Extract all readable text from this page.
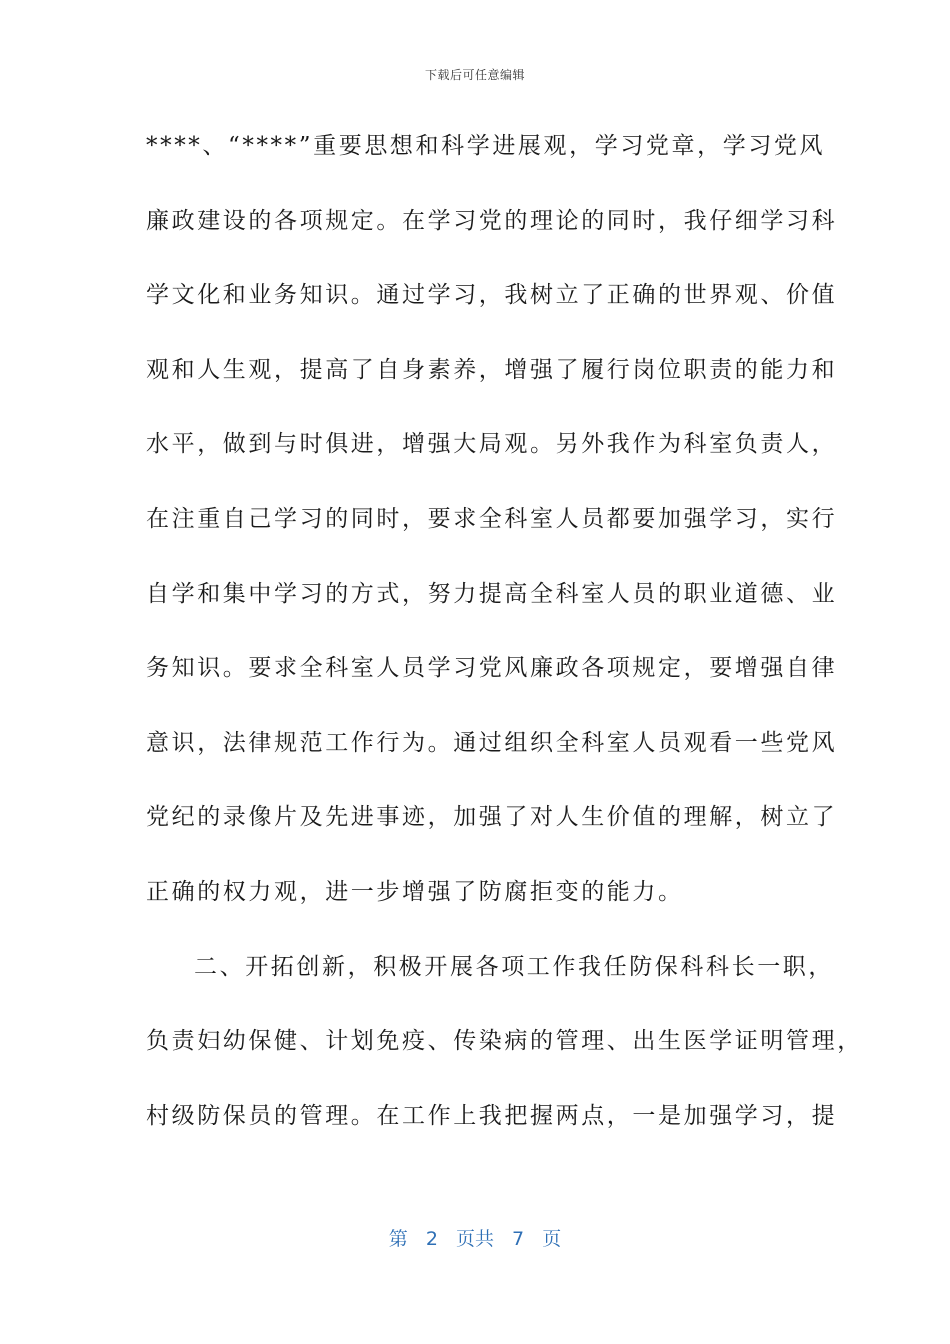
下载后可任意编辑
****、“****”重要思想和科学进展观，学习党章，学习党风
廉政建设的各项规定。在学习党的理论的同时，我仔细学习科
学文化和业务知识。通过学习，我树立了正确的世界观、价值
观和人生观，提高了自身素养，增强了履行岗位职责的能力和
水平，做到与时俱进，增强大局观。另外我作为科室负责人，
在注重自己学习的同时，要求全科室人员都要加强学习，实行
自学和集中学习的方式，努力提高全科室人员的职业道德、业
务知识。要求全科室人员学习党风廉政各项规定，要增强自律
意识，法律规范工作行为。通过组织全科室人员观看一些党风
党纪的录像片及先进事迹，加强了对人生价值的理解，树立了
正确的权力观，进一步增强了防腐拒变的能力。
二、开拓创新，积极开展各项工作我任防保科科长一职，
负责妇幼保健、计划免疫、传染病的管理、出生医学证明管理，
村级防保员的管理。在工作上我把握两点，一是加强学习，提
第 2 页共 7 页
